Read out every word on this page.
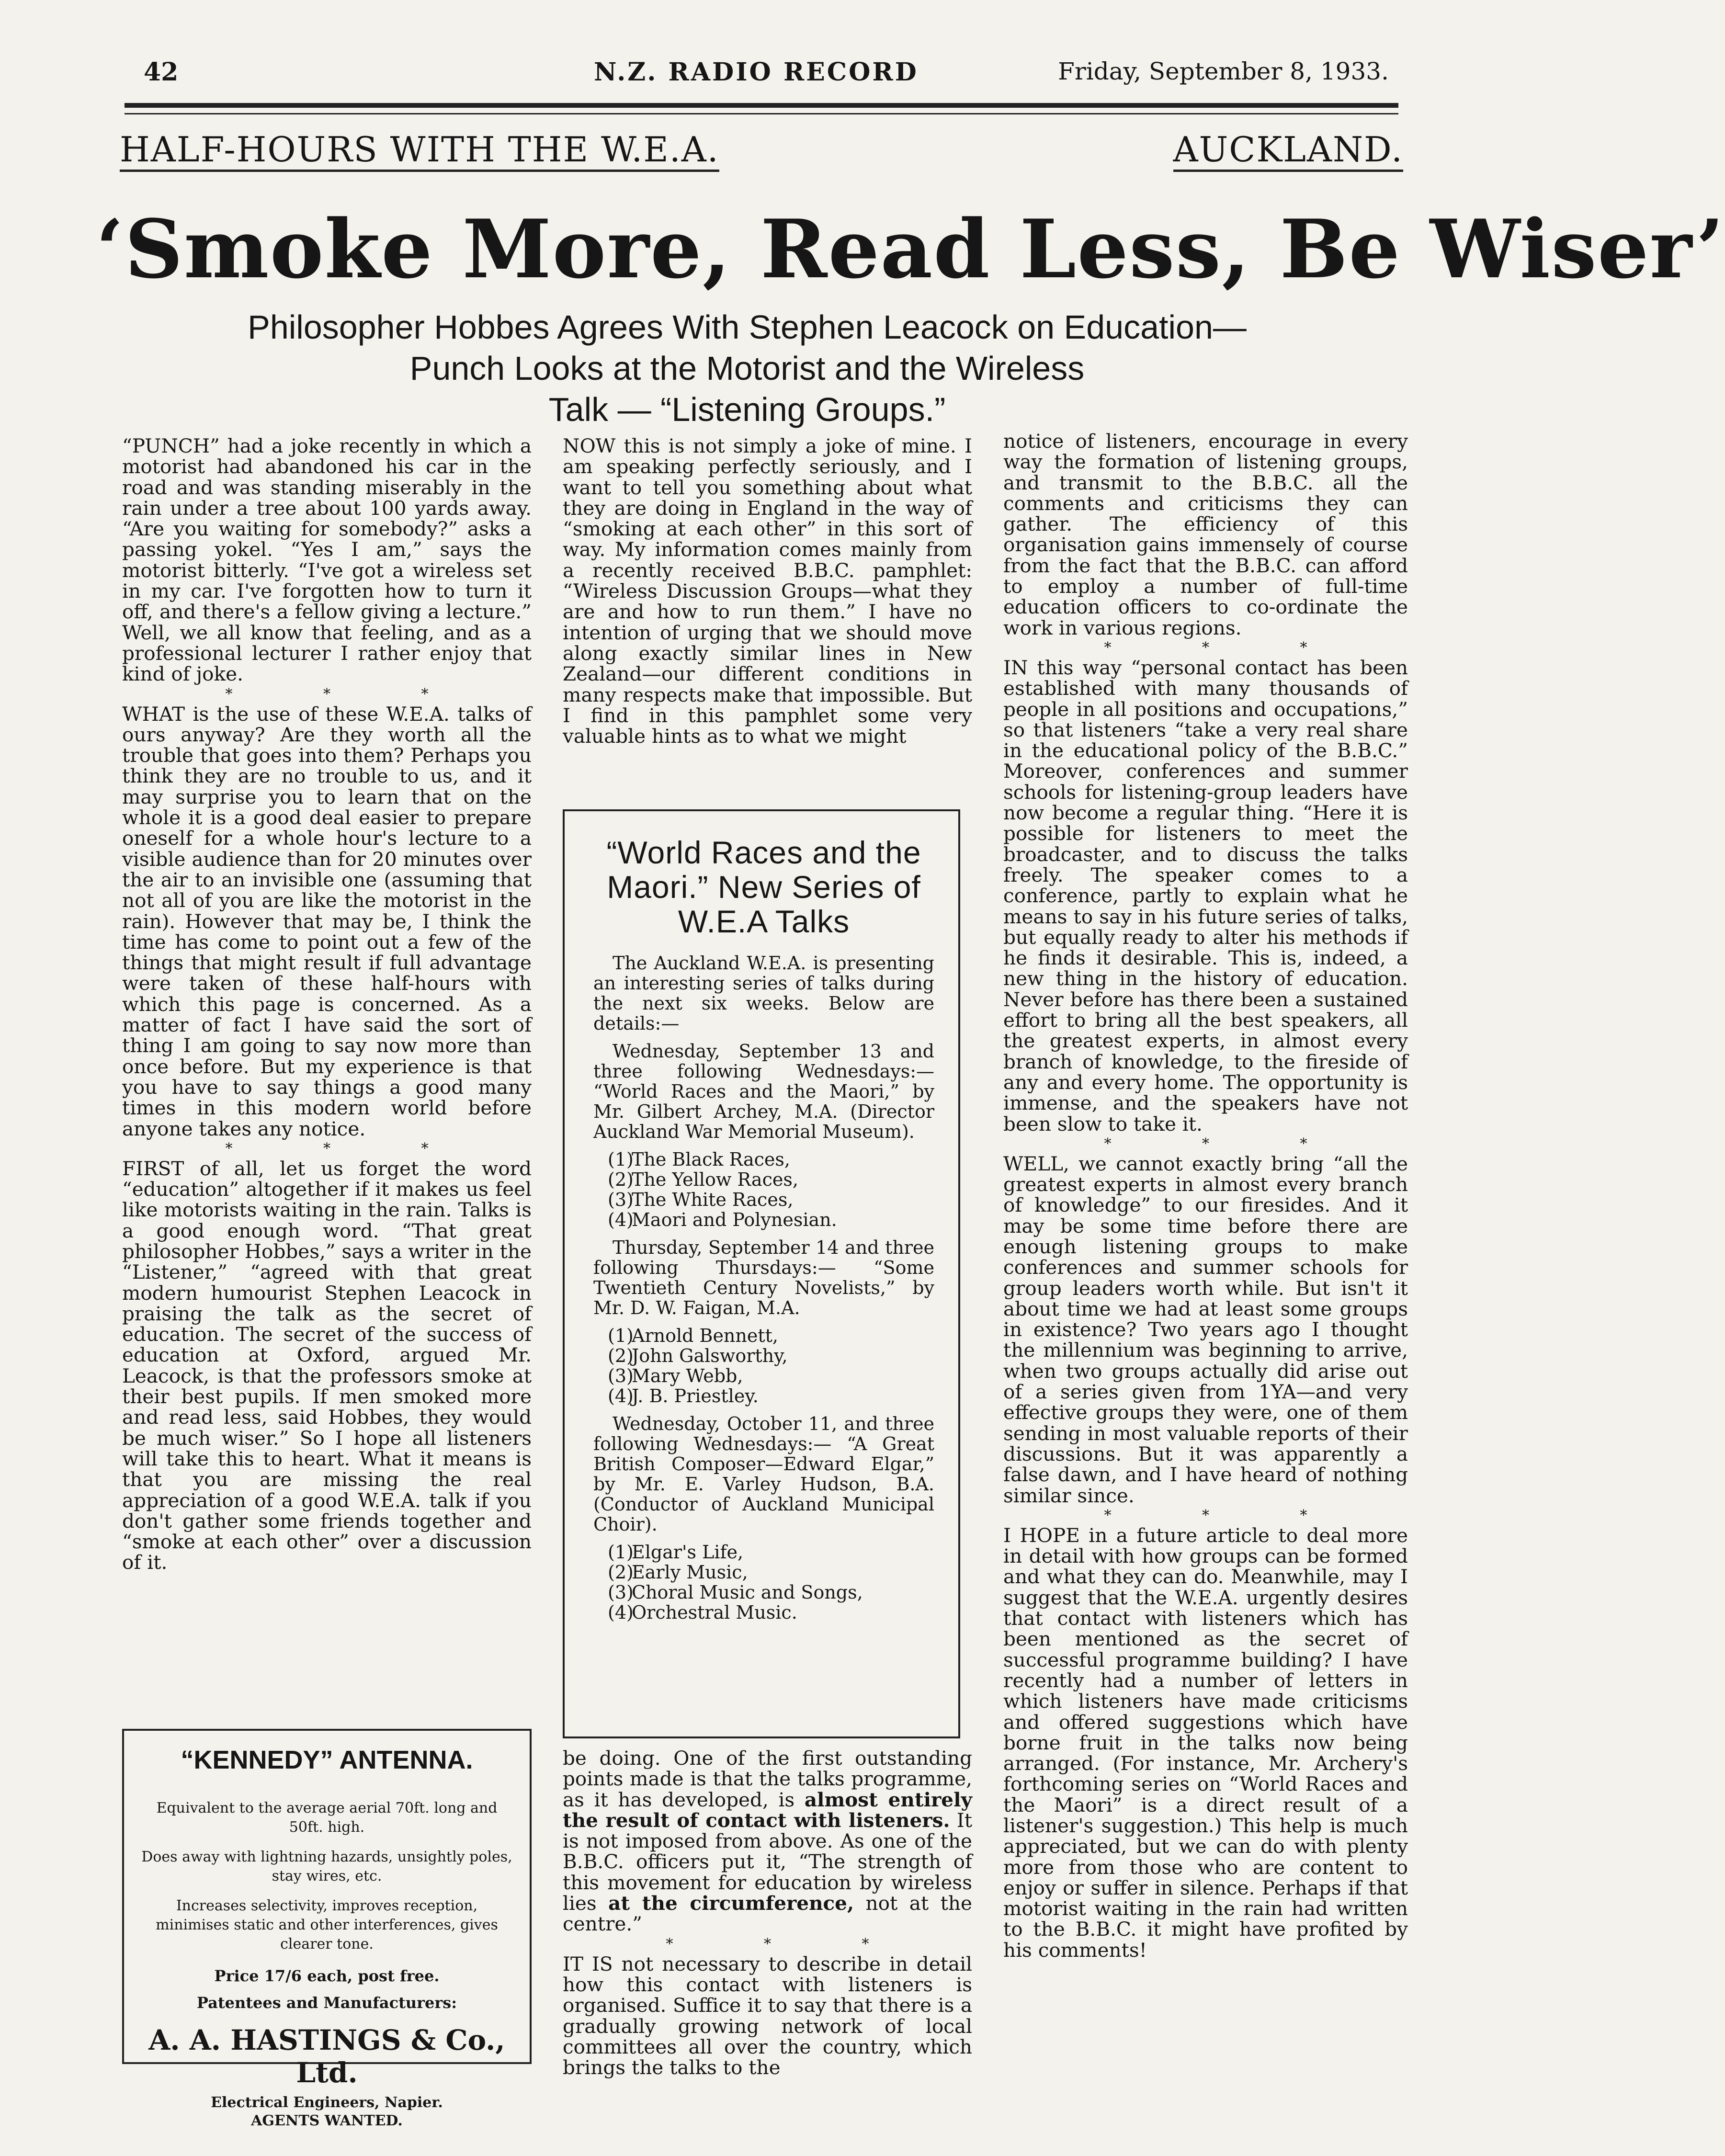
42	N.Z. RADIO RECORD	Friday, September 8, 1933.
HALF-HOURS WITH THE W.E.A.	AUCKLAND.
‘Smoke More, Read Less, Be Wiser’
Philosopher Hobbes Agrees With Stephen Leacock on Education—
Punch Looks at the Motorist and the Wireless
Talk — “Listening Groups.”

“PUNCH” had a joke recently in which a motorist had abandoned his car in the road and was standing miserably in the rain under a tree about 100 yards away. “Are you waiting for somebody?” asks a passing yokel. “Yes I am,” says the motorist bitterly. “I've got a wireless set in my car. I've forgotten how to turn it off, and there's a fellow giving a lecture.” Well, we all know that feeling, and as a professional lecturer I rather enjoy that kind of joke.

* * *

WHAT is the use of these W.E.A. talks of ours anyway? Are they worth all the trouble that goes into them? Perhaps you think they are no trouble to us, and it may surprise you to learn that on the whole it is a good deal easier to prepare oneself for a whole hour's lecture to a visible audience than for 20 minutes over the air to an invisible one (assuming that not all of you are like the motorist in the rain). However that may be, I think the time has come to point out a few of the things that might result if full advantage were taken of these half-hours with which this page is concerned. As a matter of fact I have said the sort of thing I am going to say now more than once before. But my experience is that you have to say things a good many times in this modern world before anyone takes any notice.

* * *

FIRST of all, let us forget the word “education” altogether if it makes us feel like motorists waiting in the rain. Talks is a good enough word. “That great philosopher Hobbes,” says a writer in the “Listener,” “agreed with that great modern humourist Stephen Leacock in praising the talk as the secret of education. The secret of the success of education at Oxford, argued Mr. Leacock, is that the professors smoke at their best pupils. If men smoked more and read less, said Hobbes, they would be much wiser.” So I hope all listeners will take this to heart. What it means is that you are missing the real appreciation of a good W.E.A. talk if you don't gather some friends together and “smoke at each other” over a discussion of it.

“KENNEDY” ANTENNA.
Equivalent to the average aerial 70ft. long and 50ft. high.
Does away with lightning hazards, unsightly poles, stay wires, etc.
Increases selectivity, improves reception, minimises static and other interferences, gives clearer tone.
Price 17/6 each, post free.
Patentees and Manufacturers:
A. A. HASTINGS & Co., Ltd.
Electrical Engineers, Napier.
AGENTS WANTED.

NOW this is not simply a joke of mine. I am speaking perfectly seriously, and I want to tell you something about what they are doing in England in the way of “smoking at each other” in this sort of way. My information comes mainly from a recently received B.B.C. pamphlet: “Wireless Discussion Groups—what they are and how to run them.” I have no intention of urging that we should move along exactly similar lines in New Zealand—our different conditions in many respects make that impossible. But I find in this pamphlet some very valuable hints as to what we might

“World Races and the Maori.” New Series of W.E.A Talks

The Auckland W.E.A. is presenting an interesting series of talks during the next six weeks. Below are details:—

Wednesday, September 13 and three following Wednesdays:— “World Races and the Maori,” by Mr. Gilbert Archey, M.A. (Director Auckland War Memorial Museum).

(1)The Black Races,
(2)The Yellow Races,
(3)The White Races,
(4)Maori and Polynesian.

Thursday, September 14 and three following Thursdays:— “Some Twentieth Century Novelists,” by Mr. D. W. Faigan, M.A.

(1)Arnold Bennett,
(2)John Galsworthy,
(3)Mary Webb,
(4)J. B. Priestley.

Wednesday, October 11, and three following Wednesdays:— “A Great British Composer—Edward Elgar,” by Mr. E. Varley Hudson, B.A. (Conductor of Auckland Municipal Choir).

(1)Elgar's Life,
(2)Early Music,
(3)Choral Music and Songs,
(4)Orchestral Music.

be doing. One of the first outstanding points made is that the talks programme, as it has developed, is almost entirely the result of contact with listeners. It is not imposed from above. As one of the B.B.C. officers put it, “The strength of this movement for education by wireless lies at the circumference, not at the centre.”

* * *

IT IS not necessary to describe in detail how this contact with listeners is organised. Suffice it to say that there is a gradually growing network of local committees all over the country, which brings the talks to the

notice of listeners, encourage in every way the formation of listening groups, and transmit to the B.B.C. all the comments and criticisms they can gather. The efficiency of this organisation gains immensely of course from the fact that the B.B.C. can afford to employ a number of full-time education officers to co-ordinate the work in various regions.

* * *

IN this way “personal contact has been established with many thousands of people in all positions and occupations,” so that listeners “take a very real share in the educational policy of the B.B.C.” Moreover, conferences and summer schools for listening-group leaders have now become a regular thing. “Here it is possible for listeners to meet the broadcaster, and to discuss the talks freely. The speaker comes to a conference, partly to explain what he means to say in his future series of talks, but equally ready to alter his methods if he finds it desirable. This is, indeed, a new thing in the history of education. Never before has there been a sustained effort to bring all the best speakers, all the greatest experts, in almost every branch of knowledge, to the fireside of any and every home. The opportunity is immense, and the speakers have not been slow to take it.

* * *

WELL, we cannot exactly bring “all the greatest experts in almost every branch of knowledge” to our firesides. And it may be some time before there are enough listening groups to make conferences and summer schools for group leaders worth while. But isn't it about time we had at least some groups in existence? Two years ago I thought the millennium was beginning to arrive, when two groups actually did arise out of a series given from 1YA—and very effective groups they were, one of them sending in most valuable reports of their discussions. But it was apparently a false dawn, and I have heard of nothing similar since.

* * *

I HOPE in a future article to deal more in detail with how groups can be formed and what they can do. Meanwhile, may I suggest that the W.E.A. urgently desires that contact with listeners which has been mentioned as the secret of successful programme building? I have recently had a number of letters in which listeners have made criticisms and offered suggestions which have borne fruit in the talks now being arranged. (For instance, Mr. Archery's forthcoming series on “World Races and the Maori” is a direct result of a listener's suggestion.) This help is much appreciated, but we can do with plenty more from those who are content to enjoy or suffer in silence. Perhaps if that motorist waiting in the rain had written to the B.B.C. it might have profited by his comments!
